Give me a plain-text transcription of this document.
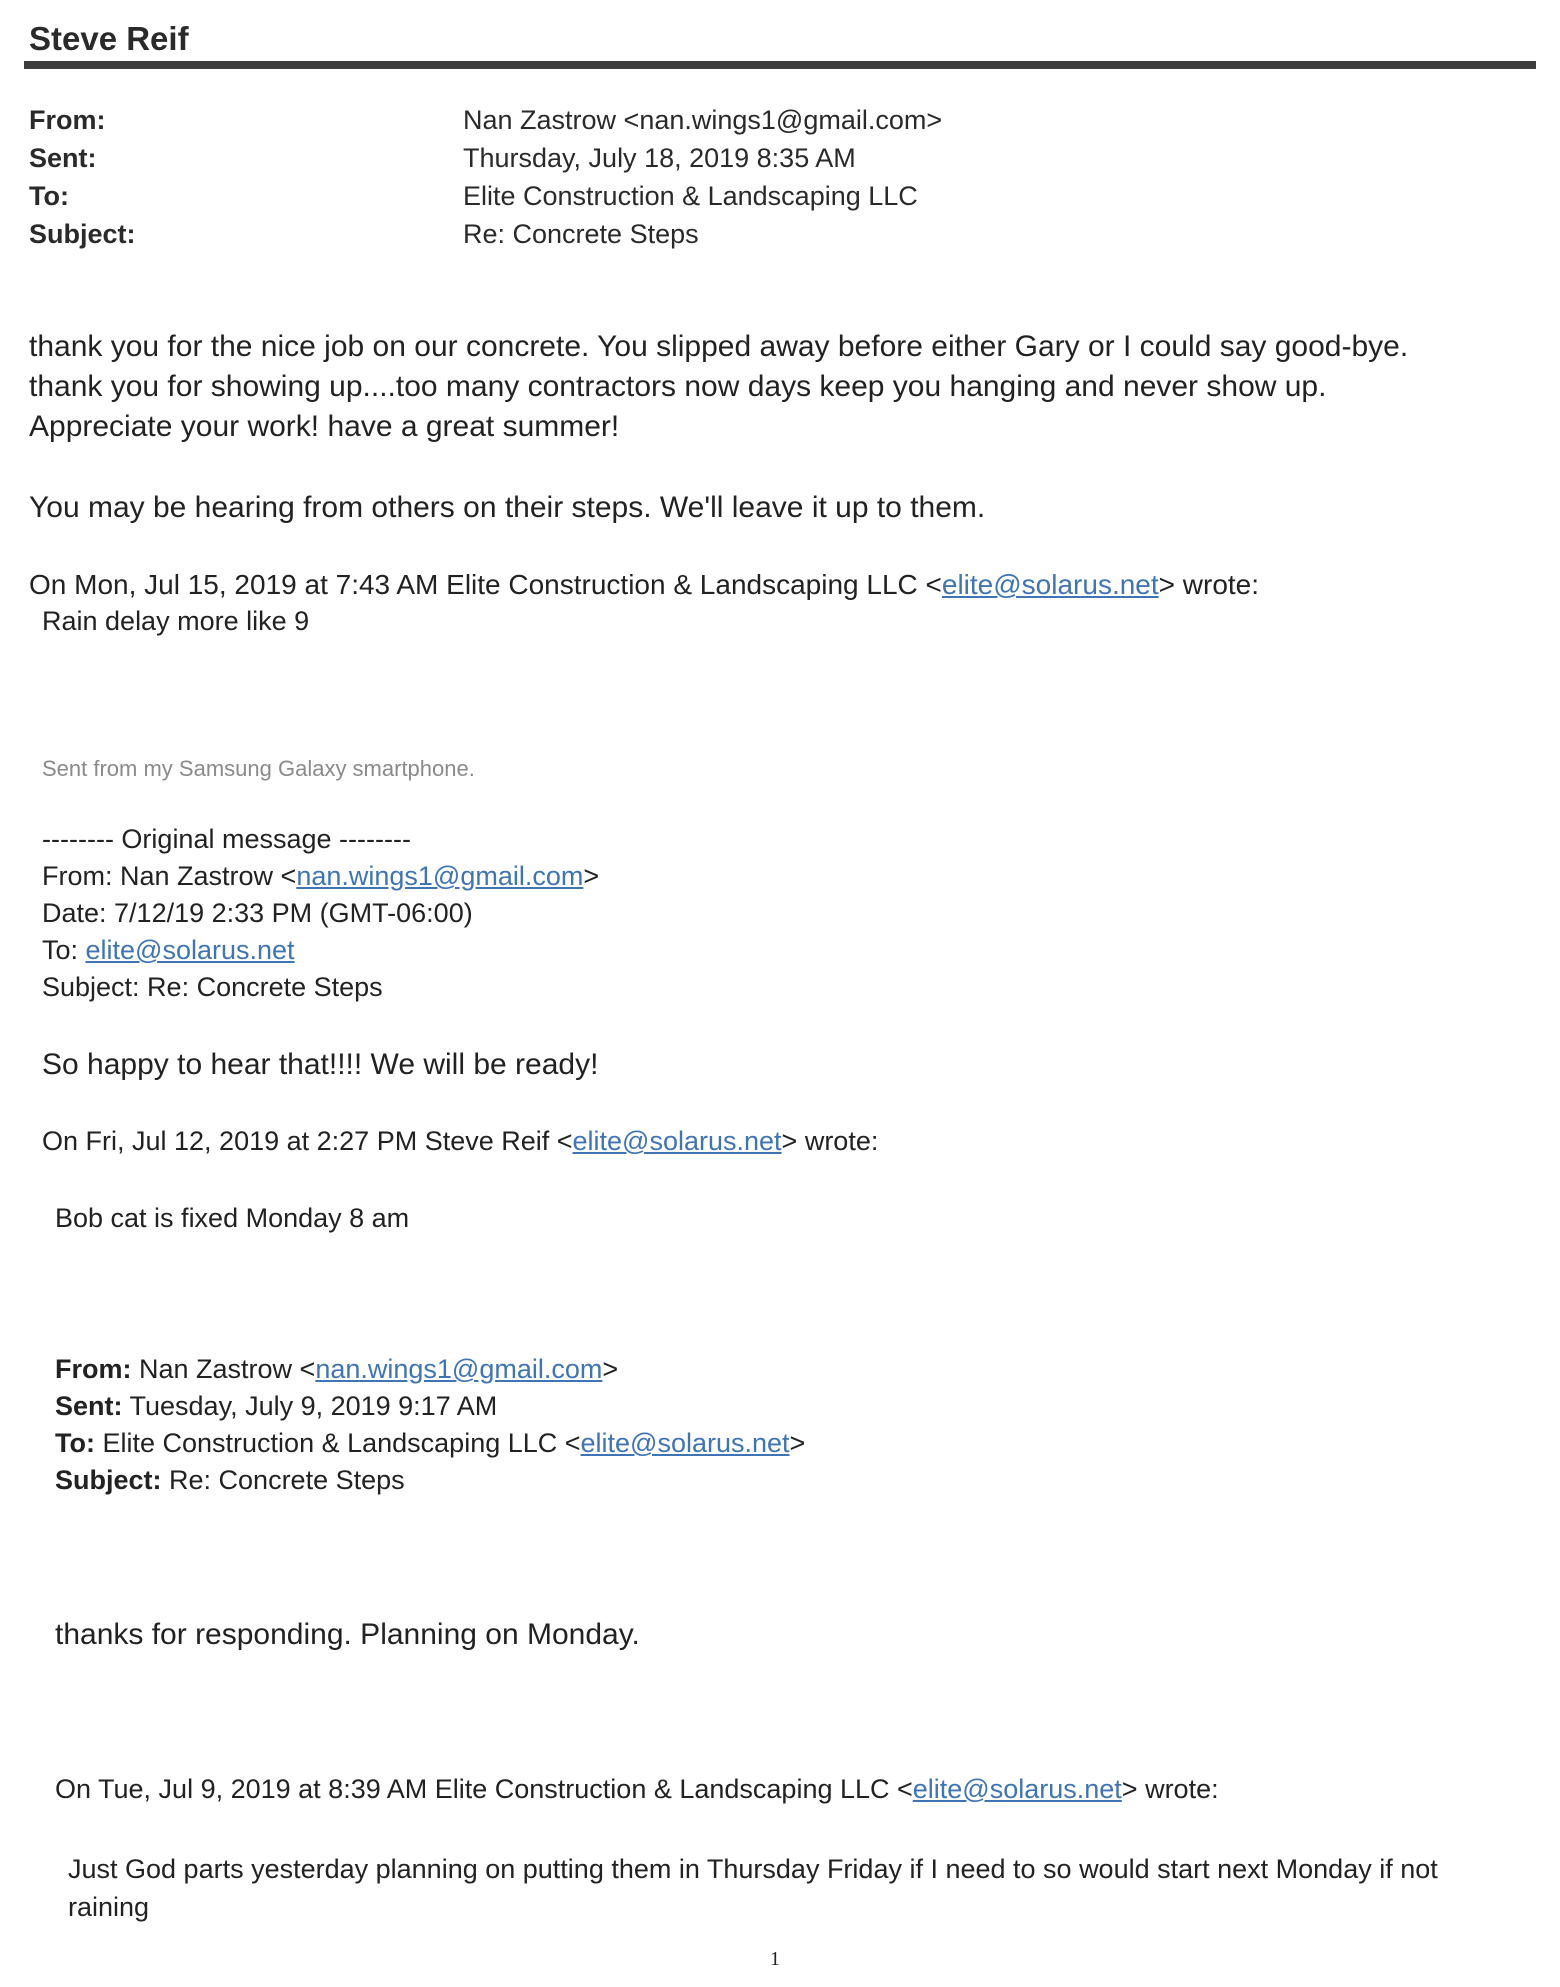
Steve Reif
From:	Nan Zastrow <nan.wings1@gmail.com>
Sent:	Thursday, July 18, 2019 8:35 AM
To:	Elite Construction & Landscaping LLC
Subject:	Re: Concrete Steps
thank you for the nice job on our concrete. You slipped away before either Gary or I could say good-bye.
thank you for showing up....too many contractors now days keep you hanging and never show up.
Appreciate your work! have a great summer!
You may be hearing from others on their steps. We'll leave it up to them.
On Mon, Jul 15, 2019 at 7:43 AM Elite Construction & Landscaping LLC <elite@solarus.net> wrote:
Rain delay more like 9
Sent from my Samsung Galaxy smartphone.
-------- Original message --------
From: Nan Zastrow <nan.wings1@gmail.com>
Date: 7/12/19 2:33 PM (GMT-06:00)
To: elite@solarus.net
Subject: Re: Concrete Steps
So happy to hear that!!!! We will be ready!
On Fri, Jul 12, 2019 at 2:27 PM Steve Reif <elite@solarus.net> wrote:
Bob cat is fixed Monday 8 am
From: Nan Zastrow <nan.wings1@gmail.com>
Sent: Tuesday, July 9, 2019 9:17 AM
To: Elite Construction & Landscaping LLC <elite@solarus.net>
Subject: Re: Concrete Steps
thanks for responding. Planning on Monday.
On Tue, Jul 9, 2019 at 8:39 AM Elite Construction & Landscaping LLC <elite@solarus.net> wrote:
Just God parts yesterday planning on putting them in Thursday Friday if I need to so would start next Monday if not raining
1
